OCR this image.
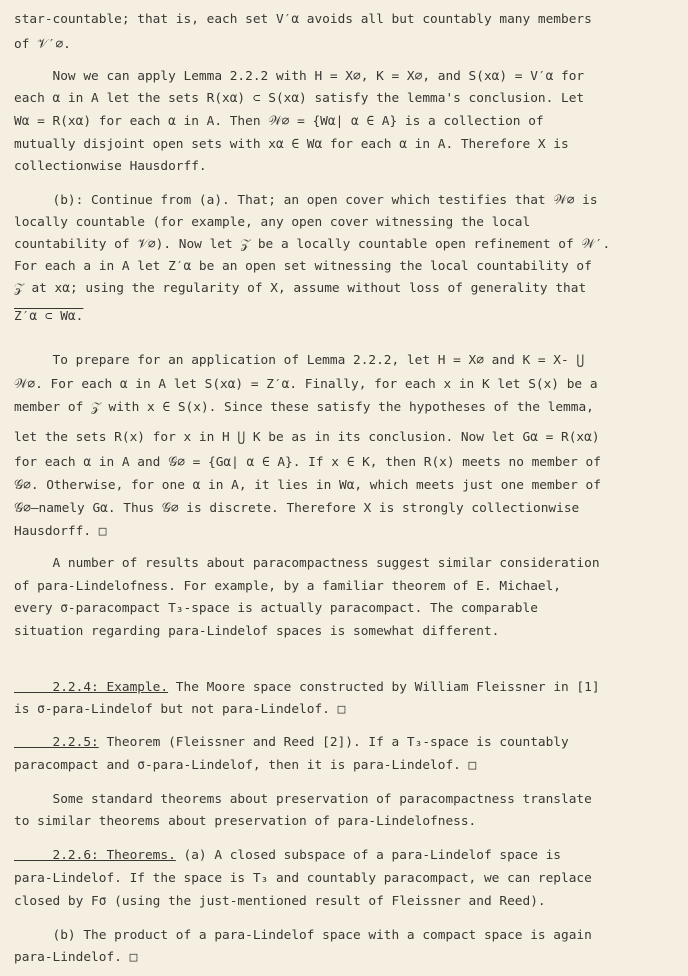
star-countable; that is, each set V′α avoids all but countably many members
of 𝒱′∅.
Now we can apply Lemma 2.2.2 with H = X∅, K = X∅, and S(xα) = V′α for
each α in A let the sets R(xα) ⊂ S(xα) satisfy the lemma's conclusion. Let
Wα = R(xα) for each α in A. Then 𝒲∅ = {Wα| α ∈ A} is a collection of
mutually disjoint open sets with xα ∈ Wα for each α in A. Therefore X is
collectionwise Hausdorff.
(b): Continue from (a). That; an open cover which testifies that 𝒲∅ is
locally countable (for example, any open cover witnessing the local
countability of 𝒱∅). Now let 𝒵 be a locally countable open refinement of 𝒲′.
For each a in A let Z′α be an open set witnessing the local countability of
𝒵 at xα; using the regularity of X, assume without loss of generality that
Z′α ⊂ Wα.
To prepare for an application of Lemma 2.2.2, let H = X∅ and K = X- ⋃
𝒲∅. For each α in A let S(xα) = Z′α. Finally, for each x in K let S(x) be a
member of 𝒵 with x ∈ S(x). Since these satisfy the hypotheses of the lemma,
let the sets R(x) for x in H ⋃ K be as in its conclusion. Now let Gα = R(xα)
for each α in A and 𝒢∅ = {Gα| α ∈ A}. If x ∈ K, then R(x) meets no member of
𝒢∅. Otherwise, for one α in A, it lies in Wα, which meets just one member of
𝒢∅—namely Gα. Thus 𝒢∅ is discrete. Therefore X is strongly collectionwise
Hausdorff. □
A number of results about paracompactness suggest similar consideration
of para-Lindelofness. For example, by a familiar theorem of E. Michael,
every σ-paracompact T₃-space is actually paracompact. The comparable
situation regarding para-Lindelof spaces is somewhat different.
2.2.4: Example. The Moore space constructed by William Fleissner in [1]
is σ-para-Lindelof but not para-Lindelof. □
2.2.5: Theorem (Fleissner and Reed [2]). If a T₃-space is countably
paracompact and σ-para-Lindelof, then it is para-Lindelof. □
Some standard theorems about preservation of paracompactness translate
to similar theorems about preservation of para-Lindelofness.
2.2.6: Theorems. (a) A closed subspace of a para-Lindelof space is
para-Lindelof. If the space is T₃ and countably paracompact, we can replace
closed by Fσ (using the just-mentioned result of Fleissner and Reed).
(b) The product of a para-Lindelof space with a compact space is again
para-Lindelof. □
